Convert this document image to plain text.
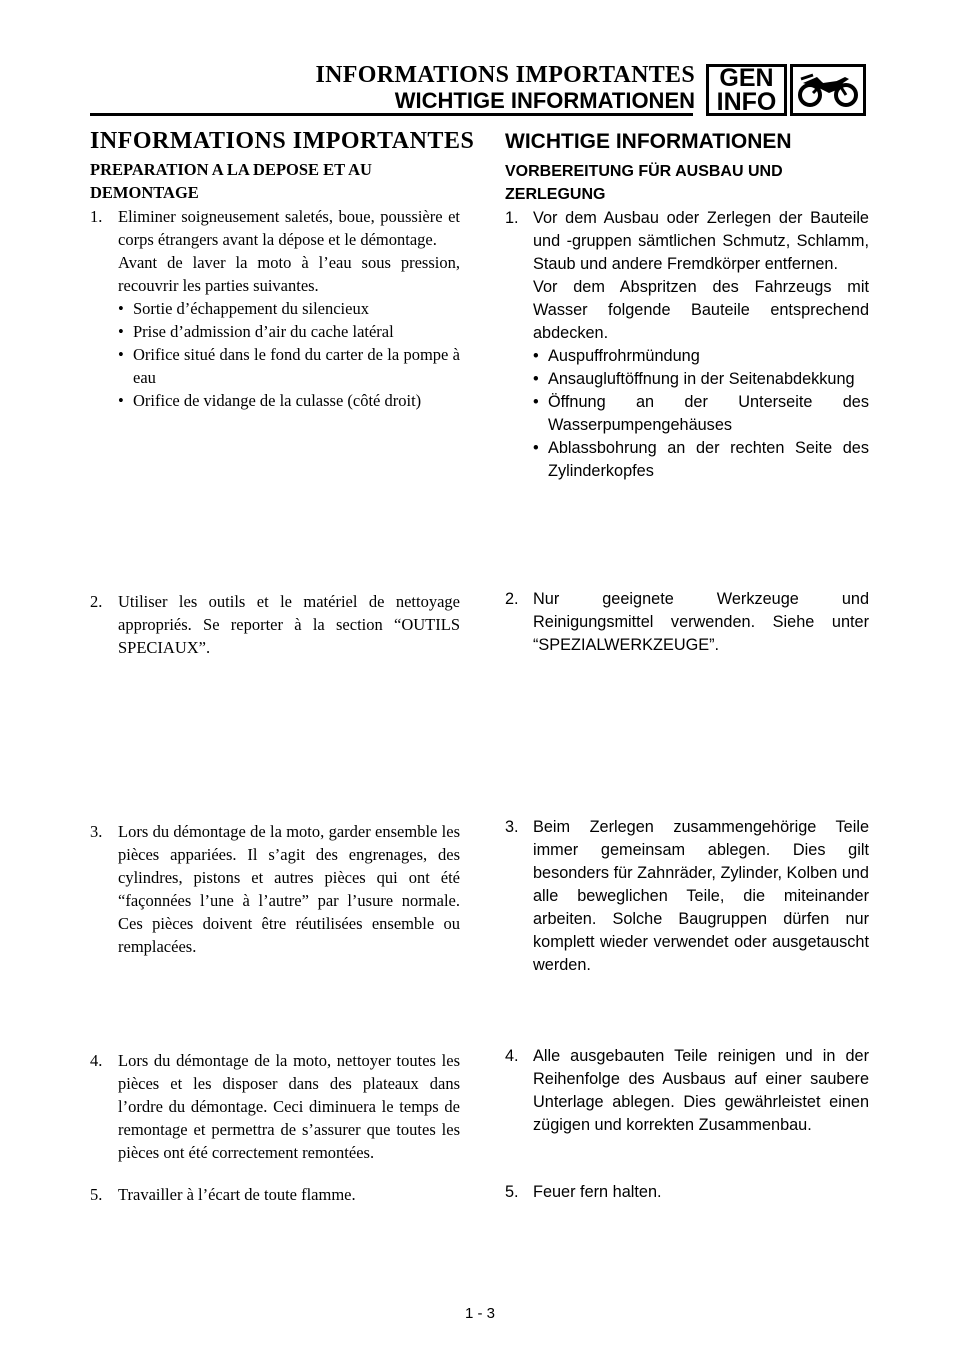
INFORMATIONS IMPORTANTES
WICHTIGE INFORMATIONEN
GEN
INFO
INFORMATIONS IMPORTANTES
PREPARATION A LA DEPOSE ET AU DEMONTAGE
1. Eliminer soigneusement saletés, boue, poussière et corps étrangers avant la dépose et le démontage.

Avant de laver la moto à l’eau sous pression, recouvrir les parties suivantes.

• Sortie d’échappement du silencieux
• Prise d’admission d’air du cache latéral
• Orifice situé dans le fond du carter de la pompe à eau
• Orifice de vidange de la culasse (côté droit)
2. Utiliser les outils et le matériel de nettoyage appropriés. Se reporter à la section “OUTILS SPECIAUX”.

3. Lors du démontage de la moto, garder ensemble les pièces appariées. Il s’agit des engrenages, des cylindres, pistons et autres pièces qui ont été “façonnées l’une à l’autre” par l’usure normale. Ces pièces doivent être réutilisées ensemble ou remplacées.

4. Lors du démontage de la moto, nettoyer toutes les pièces et les disposer dans des plateaux dans l’ordre du démontage. Ceci diminuera le temps de remontage et permettra de s’assurer que toutes les pièces ont été correctement remontées.

5. Travailler à l’écart de toute flamme.

WICHTIGE INFORMATIONEN
VORBEREITUNG FÜR AUSBAU UND ZERLEGUNG
1. Vor dem Ausbau oder Zerlegen der Bauteile und -gruppen sämtlichen Schmutz, Schlamm, Staub und andere Fremdkörper entfernen.

Vor dem Abspritzen des Fahrzeugs mit Wasser folgende Bauteile entsprechend abdecken.

• Auspuffrohrmündung
• Ansaugluftöffnung in der Seitenabdekkung
• Öffnung an der Unterseite des Wasserpumpengehäuses
• Ablassbohrung an der rechten Seite des Zylinderkopfes
2. Nur geeignete Werkzeuge und Reinigungsmittel verwenden. Siehe unter “SPEZIALWERKZEUGE”.

3. Beim Zerlegen zusammengehörige Teile immer gemeinsam ablegen. Dies gilt besonders für Zahnräder, Zylinder, Kolben und alle beweglichen Teile, die miteinander arbeiten. Solche Baugruppen dürfen nur komplett wieder verwendet oder ausgetauscht werden.

4. Alle ausgebauten Teile reinigen und in der Reihenfolge des Ausbaus auf einer saubere Unterlage ablegen. Dies gewährleistet einen zügigen und korrekten Zusammenbau.

5. Feuer fern halten.

1 - 3
